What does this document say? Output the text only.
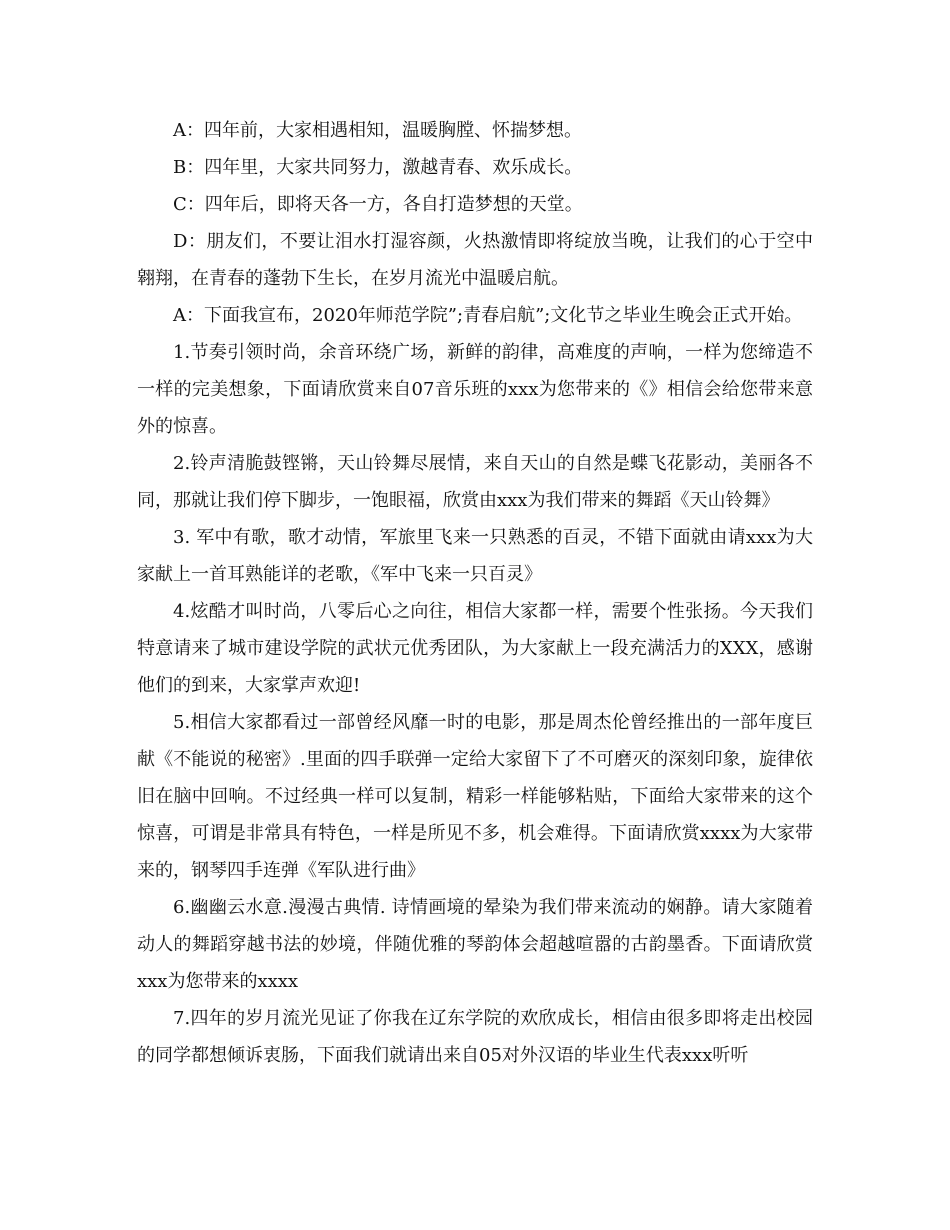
A：四年前，大家相遇相知，温暖胸膛、怀揣梦想。

B：四年里，大家共同努力，激越青春、欢乐成长。

C：四年后，即将天各一方，各自打造梦想的天堂。

D：朋友们，不要让泪水打湿容颜，火热激情即将绽放当晚，让我们的心于空中翱翔，在青春的蓬勃下生长，在岁月流光中温暖启航。

A：下面我宣布，2020年师范学院”;青春启航”;文化节之毕业生晚会正式开始。

1.节奏引领时尚，余音环绕广场，新鲜的韵律，高难度的声响，一样为您缔造不一样的完美想象，下面请欣赏来自07音乐班的xxx为您带来的《》相信会给您带来意外的惊喜。

2.铃声清脆鼓铿锵，天山铃舞尽展情，来自天山的自然是蝶飞花影动，美丽各不同，那就让我们停下脚步，一饱眼福，欣赏由xxx为我们带来的舞蹈《天山铃舞》

3. 军中有歌，歌才动情，军旅里飞来一只熟悉的百灵，不错下面就由请xxx为大家献上一首耳熟能详的老歌，《军中飞来一只百灵》

4.炫酷才叫时尚，八零后心之向往，相信大家都一样，需要个性张扬。今天我们特意请来了城市建设学院的武状元优秀团队，为大家献上一段充满活力的XXX，感谢他们的到来，大家掌声欢迎!

5.相信大家都看过一部曾经风靡一时的电影，那是周杰伦曾经推出的一部年度巨献《不能说的秘密》.里面的四手联弹一定给大家留下了不可磨灭的深刻印象，旋律依旧在脑中回响。不过经典一样可以复制，精彩一样能够粘贴，下面给大家带来的这个惊喜，可谓是非常具有特色，一样是所见不多，机会难得。下面请欣赏xxxx为大家带来的，钢琴四手连弹《军队进行曲》

6.幽幽云水意.漫漫古典情. 诗情画境的晕染为我们带来流动的娴静。请大家随着动人的舞蹈穿越书法的妙境，伴随优雅的琴韵体会超越喧嚣的古韵墨香。下面请欣赏xxx为您带来的xxxx

7.四年的岁月流光见证了你我在辽东学院的欢欣成长，相信由很多即将走出校园的同学都想倾诉衷肠，下面我们就请出来自05对外汉语的毕业生代表xxx听听
